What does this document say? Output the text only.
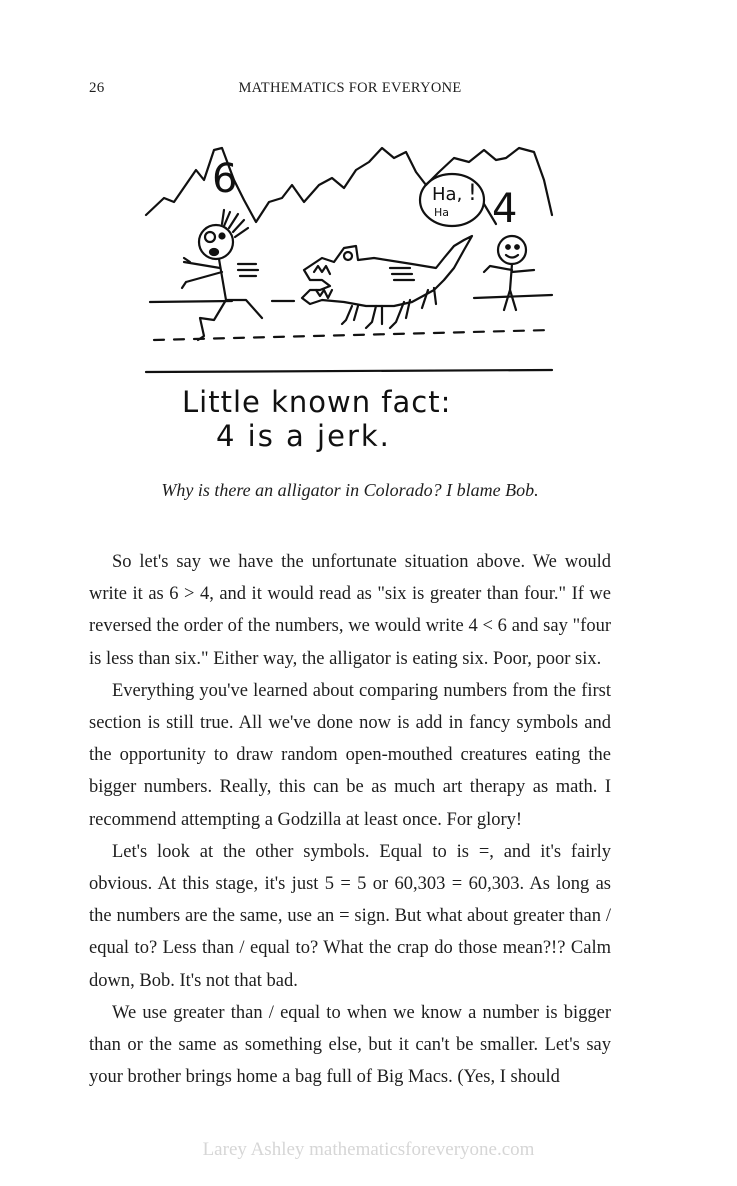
26	MATHEMATICS FOR EVERYONE
6	Ha,
Ha
! 4
Little known fact:
4 is a jerk.
Why is there an alligator in Colorado? I blame Bob.

So let's say we have the unfortunate situation above. We would write it as 6 > 4, and it would read as "six is greater than four." If we reversed the order of the numbers, we would write 4 < 6 and say "four is less than six." Either way, the alligator is eating six. Poor, poor six.

Everything you've learned about comparing numbers from the first section is still true. All we've done now is add in fancy symbols and the opportunity to draw random open-mouthed creatures eating the bigger numbers. Really, this can be as much art therapy as math. I recommend attempting a Godzilla at least once. For glory!

Let's look at the other symbols. Equal to is =, and it's fairly obvious. At this stage, it's just 5 = 5 or 60,303 = 60,303. As long as the numbers are the same, use an = sign. But what about greater than / equal to? Less than / equal to? What the crap do those mean?!? Calm down, Bob. It's not that bad.

We use greater than / equal to when we know a number is bigger than or the same as something else, but it can't be smaller. Let's say your brother brings home a bag full of Big Macs. (Yes, I should

Larey Ashley mathematicsforeveryone.com
